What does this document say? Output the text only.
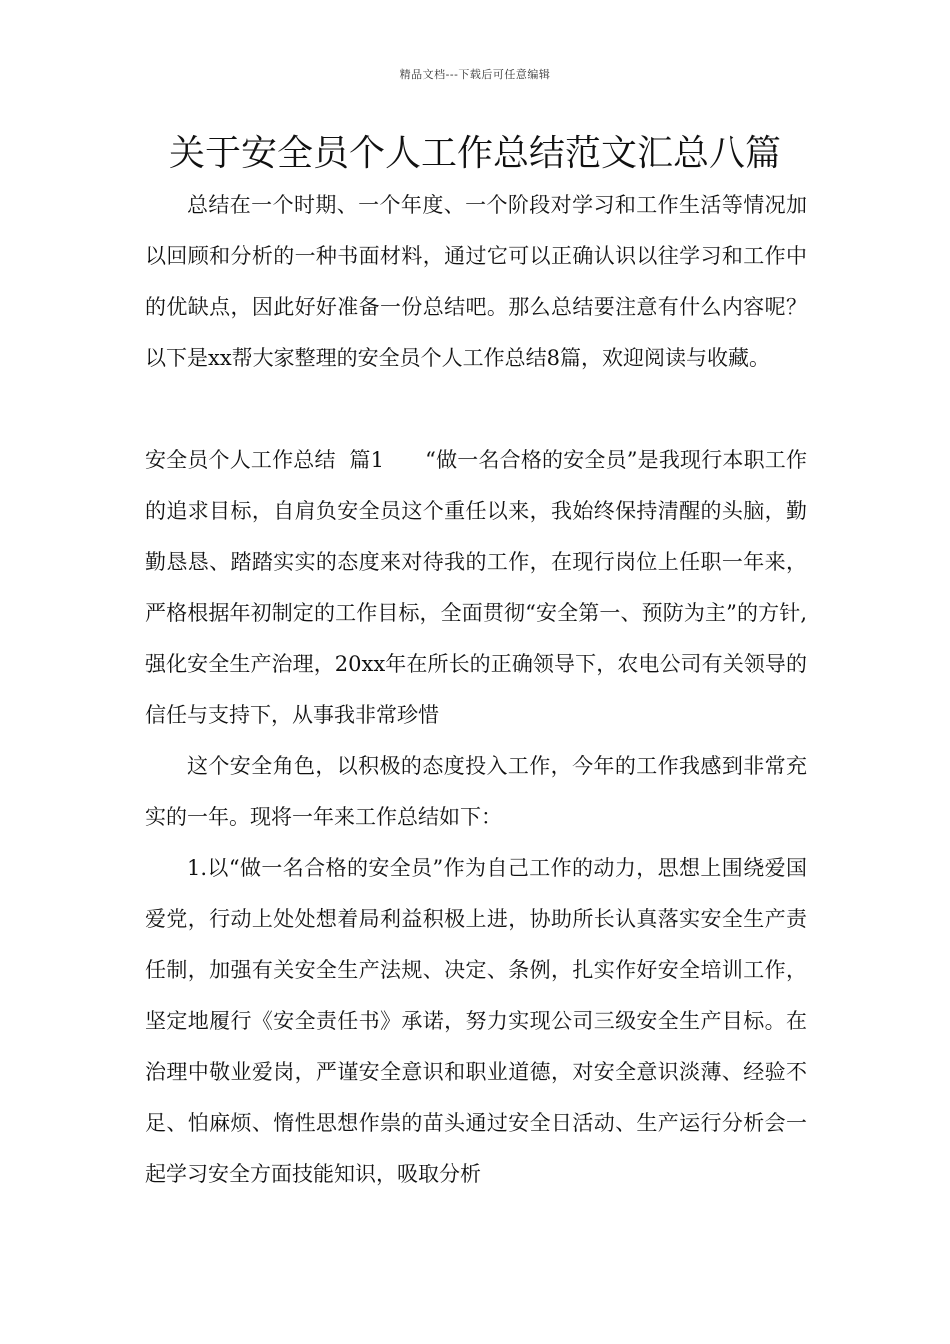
精品文档---下载后可任意编辑
关于安全员个人工作总结范文汇总八篇

总结在一个时期、一个年度、一个阶段对学习和工作生活等情况加以回顾和分析的一种书面材料，通过它可以正确认识以往学习和工作中的优缺点，因此好好准备一份总结吧。那么总结要注意有什么内容呢？以下是xx帮大家整理的安全员个人工作总结8篇，欢迎阅读与收藏。

安全员个人工作总结  篇1 “做一名合格的安全员”是我现行本职工作的追求目标，自肩负安全员这个重任以来，我始终保持清醒的头脑，勤勤恳恳、踏踏实实的态度来对待我的工作，在现行岗位上任职一年来，严格根据年初制定的工作目标，全面贯彻“安全第一、预防为主”的方针,强化安全生产治理，20xx年在所长的正确领导下，农电公司有关领导的信任与支持下，从事我非常珍惜

这个安全角色，以积极的态度投入工作，今年的工作我感到非常充实的一年。现将一年来工作总结如下：

1.以“做一名合格的安全员”作为自己工作的动力，思想上围绕爱国爱党，行动上处处想着局利益积极上进，协助所长认真落实安全生产责任制，加强有关安全生产法规、决定、条例，扎实作好安全培训工作，坚定地履行《安全责任书》承诺，努力实现公司三级安全生产目标。在治理中敬业爱岗，严谨安全意识和职业道德，对安全意识淡薄、经验不足、怕麻烦、惰性思想作祟的苗头通过安全日活动、生产运行分析会一起学习安全方面技能知识，吸取分析
